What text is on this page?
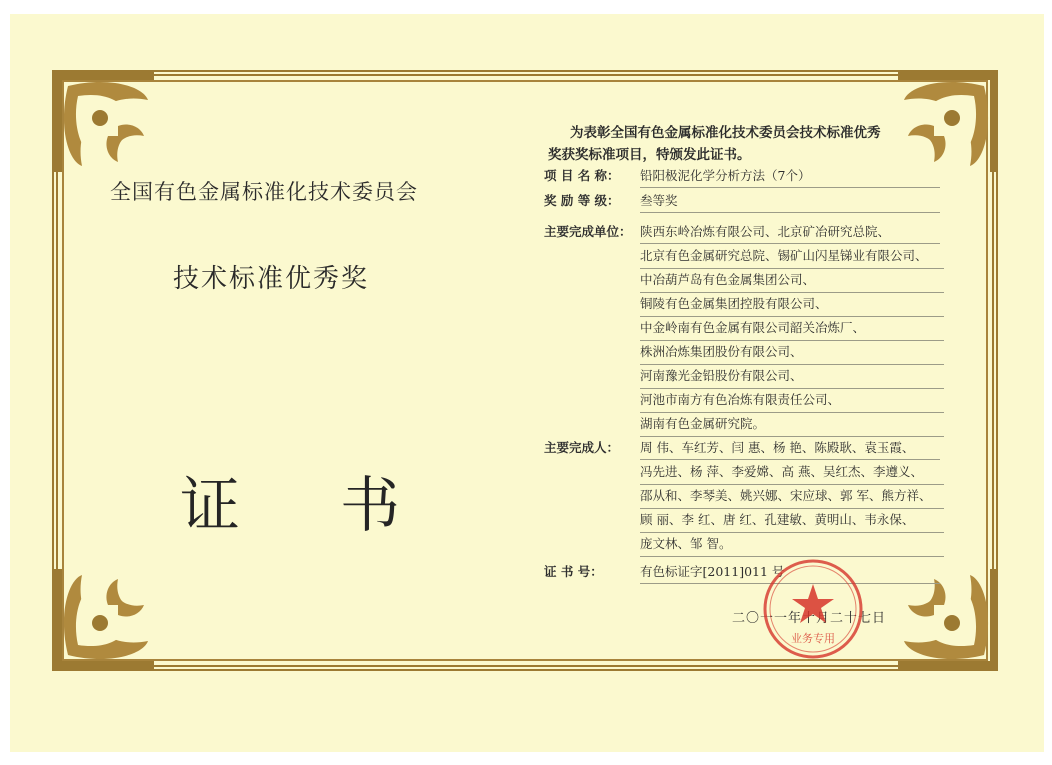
全国有色金属标准化技术委员会
技术标准优秀奖
证 书
为表彰全国有色金属标准化技术委员会技术标准优秀
奖获奖标准项目，特颁发此证书。
项 目 名 称： 铅阳极泥化学分析方法（7个）
奖 励 等 级： 叁等奖
主要完成单位： 陕西东岭冶炼有限公司、北京矿冶研究总院、
北京有色金属研究总院、锡矿山闪星锑业有限公司、
中冶葫芦岛有色金属集团公司、
铜陵有色金属集团控股有限公司、
中金岭南有色金属有限公司韶关冶炼厂、
株洲冶炼集团股份有限公司、
河南豫光金铅股份有限公司、
河池市南方有色冶炼有限责任公司、
湖南有色金属研究院。
主要完成人： 周 伟、车红芳、闫 惠、杨 艳、陈殿耿、袁玉霞、
冯先进、杨 萍、李爱嫦、高 燕、吴红杰、李遵义、
邵从和、李琴美、姚兴娜、宋应球、郭 军、熊方祥、
顾 丽、李 红、唐 红、孔建敏、黄明山、韦永保、
庞文林、邹 智。
证 书 号：	有色标证字[2011]011 号
二〇一一年十月二十七日
业务专用
